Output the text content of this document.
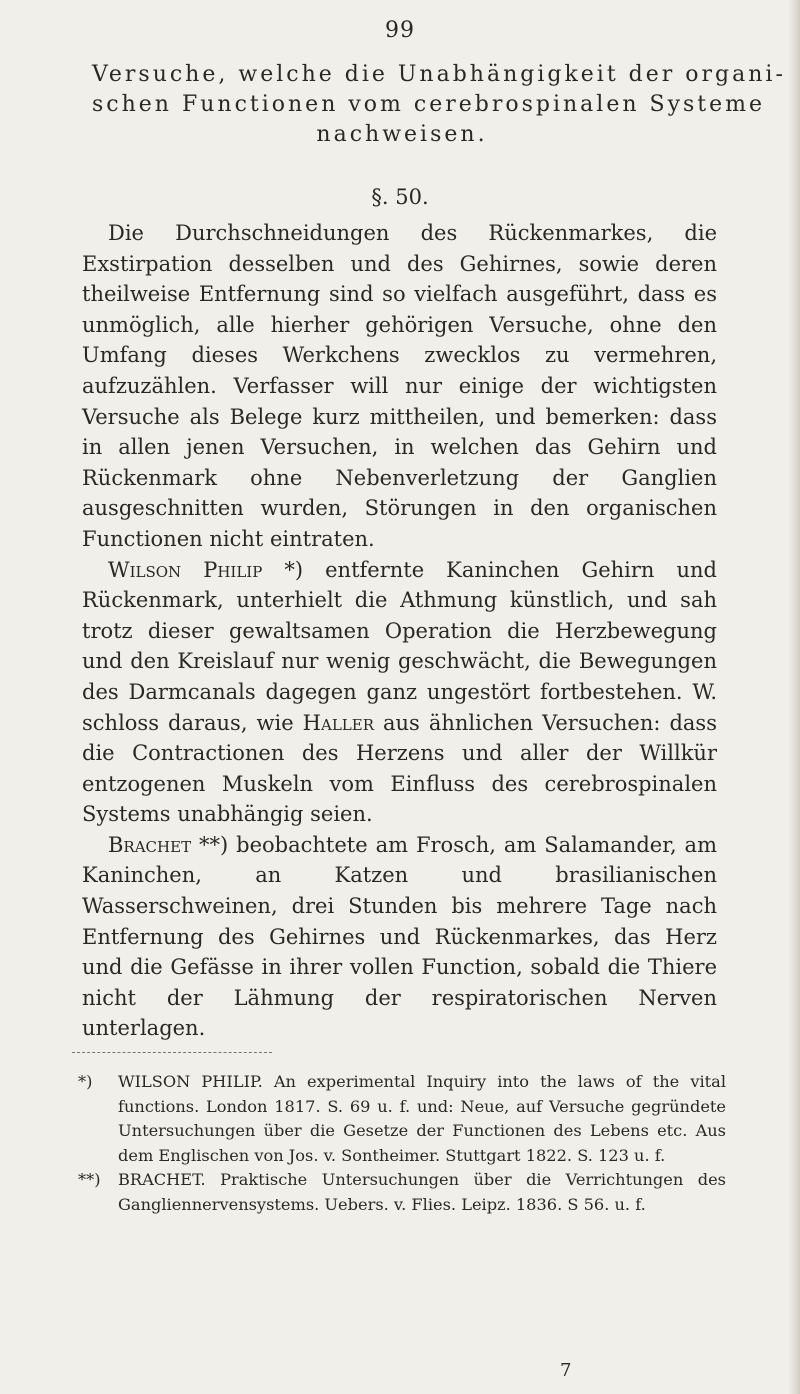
99
Versuche, welche die Unabhängigkeit der organi-
schen Functionen vom cerebrospinalen Systeme
nachweisen.
§. 50.

Die Durchschneidungen des Rückenmarkes, die Exstirpation desselben und des Gehirnes, sowie deren theilweise Entfernung sind so vielfach ausgeführt, dass es unmöglich, alle hierher gehörigen Versuche, ohne den Umfang dieses Werkchens zwecklos zu vermehren, aufzuzählen. Verfasser will nur einige der wichtigsten Versuche als Belege kurz mittheilen, und bemerken: dass in allen jenen Versuchen, in welchen das Gehirn und Rückenmark ohne Nebenverletzung der Ganglien ausgeschnitten wurden, Störungen in den organischen Functionen nicht eintraten.

Wilson Philip *) entfernte Kaninchen Gehirn und Rückenmark, unterhielt die Athmung künstlich, und sah trotz dieser gewaltsamen Operation die Herzbewegung und den Kreislauf nur wenig geschwächt, die Bewegungen des Darmcanals dagegen ganz ungestört fortbestehen. W. schloss daraus, wie Haller aus ähnlichen Versuchen: dass die Contractionen des Herzens und aller der Willkür entzogenen Muskeln vom Einfluss des cerebrospinalen Systems unabhängig seien.

Brachet **) beobachtete am Frosch, am Salamander, am Kaninchen, an Katzen und brasilianischen Wasserschweinen, drei Stunden bis mehrere Tage nach Entfernung des Gehirnes und Rückenmarkes, das Herz und die Gefässe in ihrer vollen Function, sobald die Thiere nicht der Lähmung der respiratorischen Nerven unterlagen.

*) WILSON PHILIP. An experimental Inquiry into the laws of the vital functions. London 1817. S. 69 u. f. und: Neue, auf Versuche gegründete Untersuchungen über die Gesetze der Functionen des Lebens etc. Aus dem Englischen von Jos. v. Sontheimer. Stuttgart 1822. S. 123 u. f.
**) BRACHET. Praktische Untersuchungen über die Verrichtungen des Gangliennervensystems. Uebers. v. Flies. Leipz. 1836. S 56. u. f.
7
